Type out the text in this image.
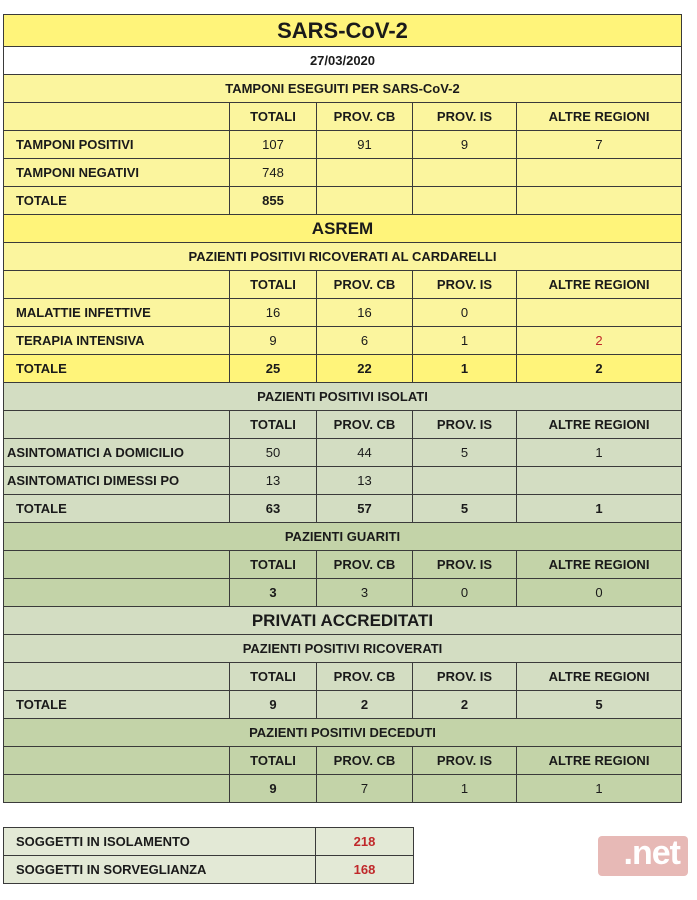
SARS-CoV-2				
27/03/2020				
TAMPONI ESEGUITI PER SARS-CoV-2				
	TOTALI	PROV. CB	PROV. IS	ALTRE REGIONI
TAMPONI POSITIVI	107	91	9	7
TAMPONI NEGATIVI	748			
TOTALE	855			
ASREM				
PAZIENTI POSITIVI RICOVERATI AL CARDARELLI				
	TOTALI	PROV. CB	PROV. IS	ALTRE REGIONI
MALATTIE INFETTIVE	16	16	0	
TERAPIA INTENSIVA	9	6	1	2
TOTALE	25	22	1	2
PAZIENTI POSITIVI ISOLATI				
	TOTALI	PROV. CB	PROV. IS	ALTRE REGIONI
ASINTOMATICI A DOMICILIO	50	44	5	1
ASINTOMATICI DIMESSI PO	13	13		
TOTALE	63	57	5	1
PAZIENTI GUARITI				
	TOTALI	PROV. CB	PROV. IS	ALTRE REGIONI
	3	3	0	0
PRIVATI ACCREDITATI				
PAZIENTI POSITIVI RICOVERATI				
	TOTALI	PROV. CB	PROV. IS	ALTRE REGIONI
TOTALE	9	2	2	5
PAZIENTI POSITIVI DECEDUTI				
	TOTALI	PROV. CB	PROV. IS	ALTRE REGIONI
	9	7	1	1
SOGGETTI IN ISOLAMENTO	218
SOGGETTI IN SORVEGLIANZA	168	.net
